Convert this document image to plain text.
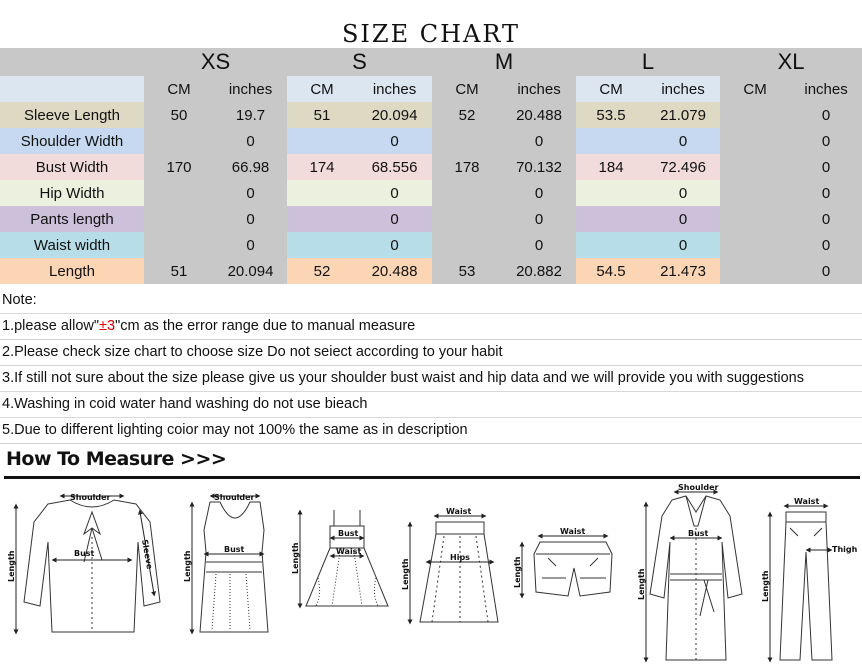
SIZE CHART
	XS		S		M		L		XL	
	CM	inches	CM	inches	CM	inches	CM	inches	CM	inches
Sleeve Length	50	19.7	51	20.094	52	20.488	53.5	21.079		0
Shoulder Width		0		0		0		0		0
Bust Width	170	66.98	174	68.556	178	70.132	184	72.496		0
Hip Width		0		0		0		0		0
Pants length		0		0		0		0		0
Waist width		0		0		0		0		0
Length	51	20.094	52	20.488	53	20.882	54.5	21.473		0
Note:
1.please allow"±3"cm as the error range due to manual measure
2.Please check size chart to choose size Do not seiect according to your habit
3.If still not sure about the size please give us your shoulder bust waist and hip data and we will provide you with suggestions
4.Washing in coid water hand washing do not use bieach
5.Due to different lighting coior may not 100% the same as in description
How To Measure >>>
Shoulder
Bust
Length	Sleeve
Shoulder
Bust
Length
Bust
Waist
Length
Waist
Hips
Length
Waist
Length
Shoulder
Bust
Length
Waist
Thigh
Length
